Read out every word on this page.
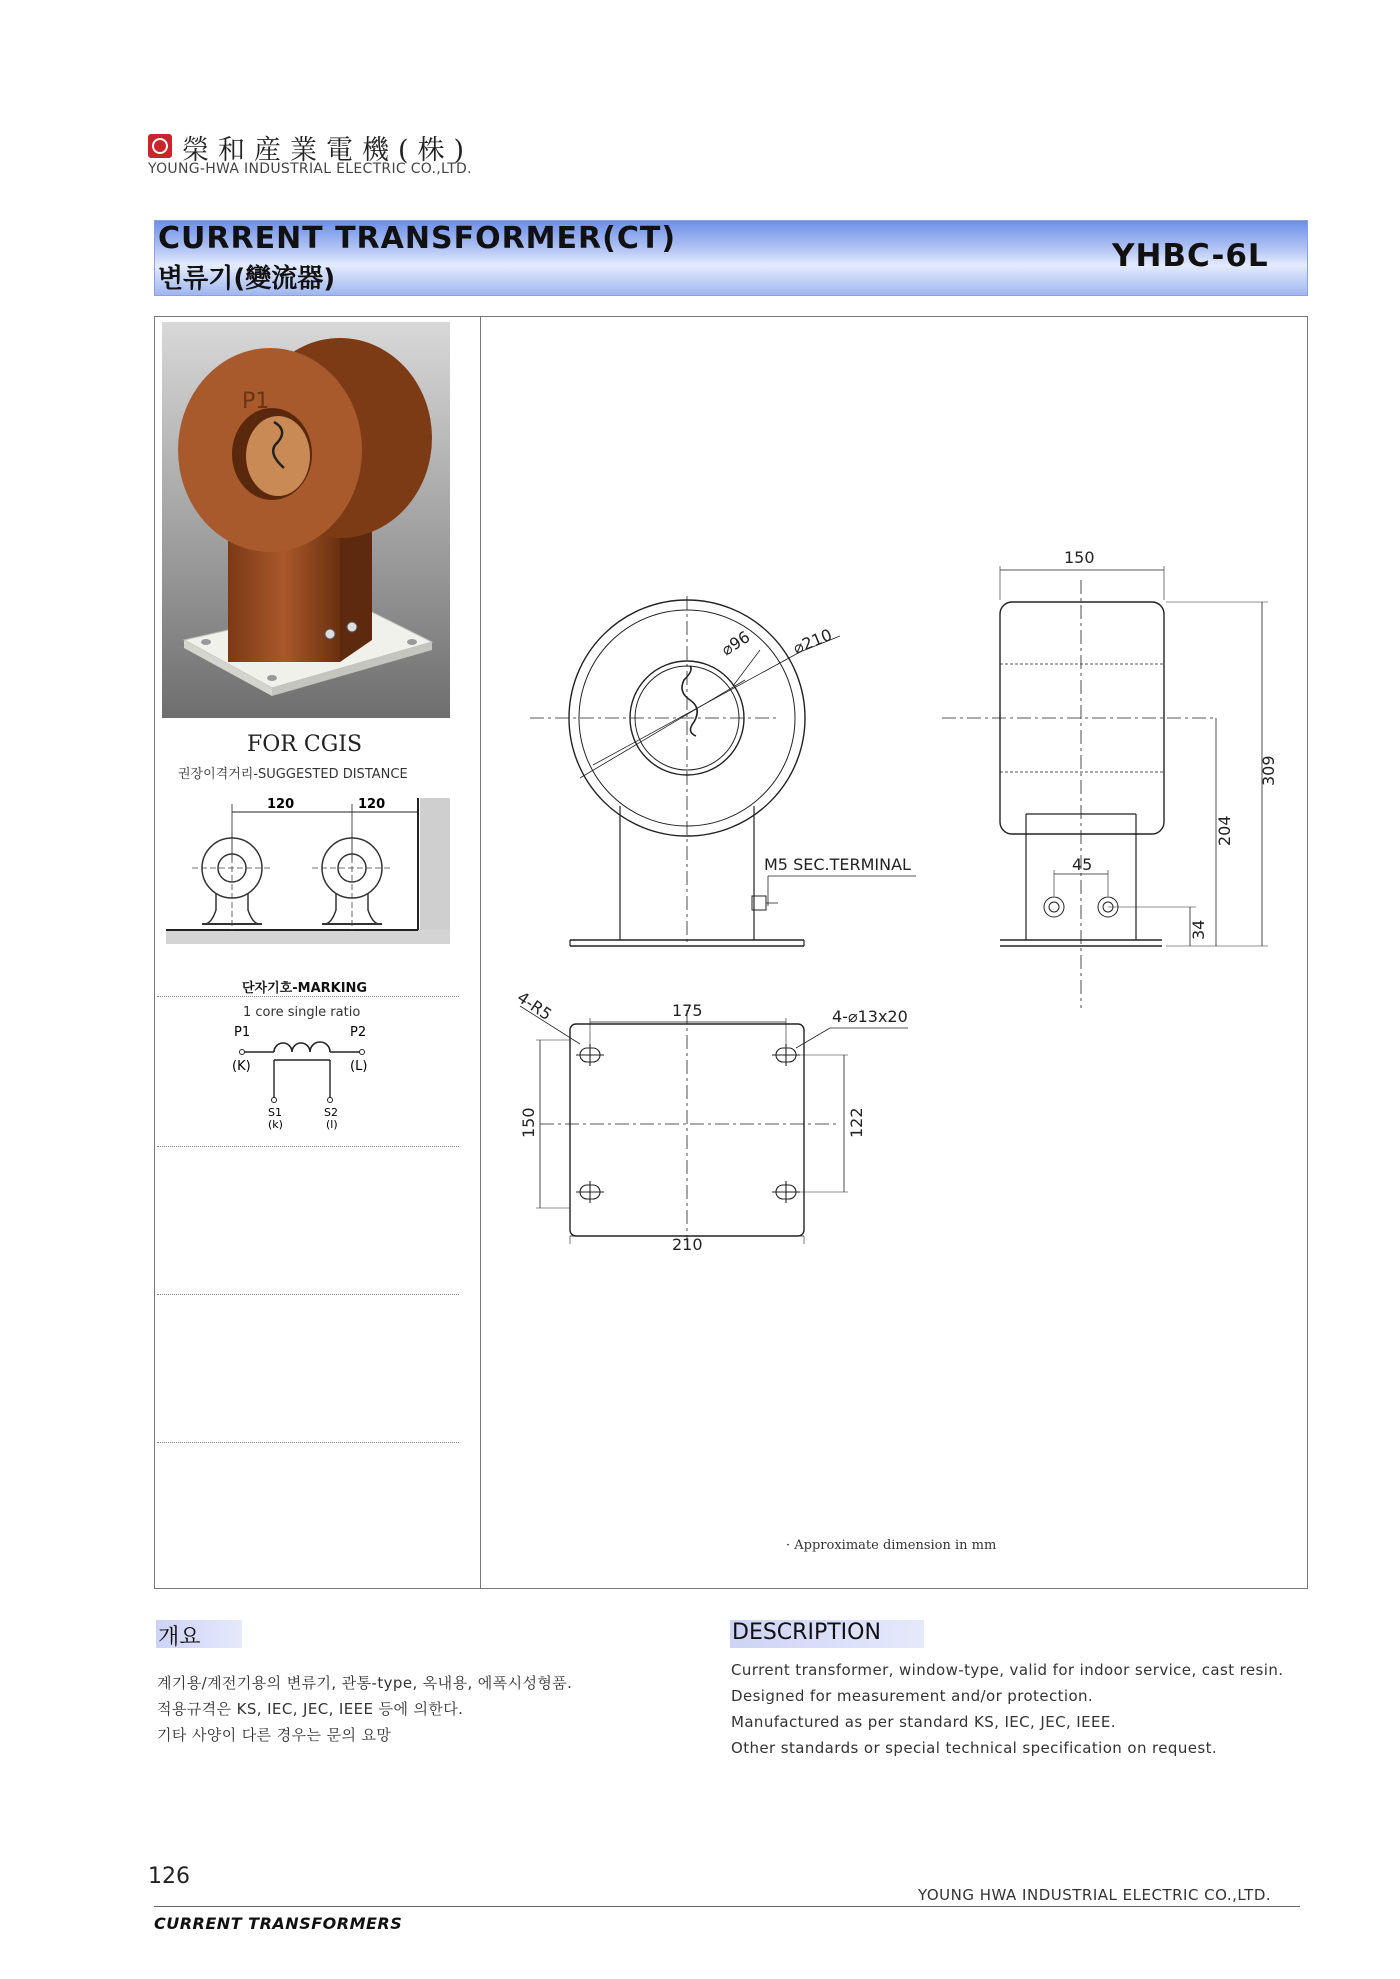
榮和産業電機(株)
YOUNG-HWA INDUSTRIAL ELECTRIC CO.,LTD.
CURRENT TRANSFORMER(CT)
변류기(變流器)
YHBC-6L
P1
FOR CGIS
권장이격거리-SUGGESTED DISTANCE
120	120
단자기호-MARKING
1 core single ratio
P1
(K)
P2
(L)
S1
(k)
S2
(l)
⌀96 ⌀210
M5 SEC.TERMINAL
150
309
204
34
45
4-R5	175	4-⌀13x20
150	122
210
· Approximate dimension in mm
개요
계기용/계전기용의 변류기, 관통-type, 옥내용, 에폭시성형품.
적용규격은 KS, IEC, JEC, IEEE 등에 의한다.
기타 사양이 다른 경우는 문의 요망
DESCRIPTION
Current transformer, window-type, valid for indoor service, cast resin.
Designed for measurement and/or protection.
Manufactured as per standard KS, IEC, JEC, IEEE.
Other standards or special technical specification on request.
126
YOUNG HWA INDUSTRIAL ELECTRIC CO.,LTD.
CURRENT TRANSFORMERS
